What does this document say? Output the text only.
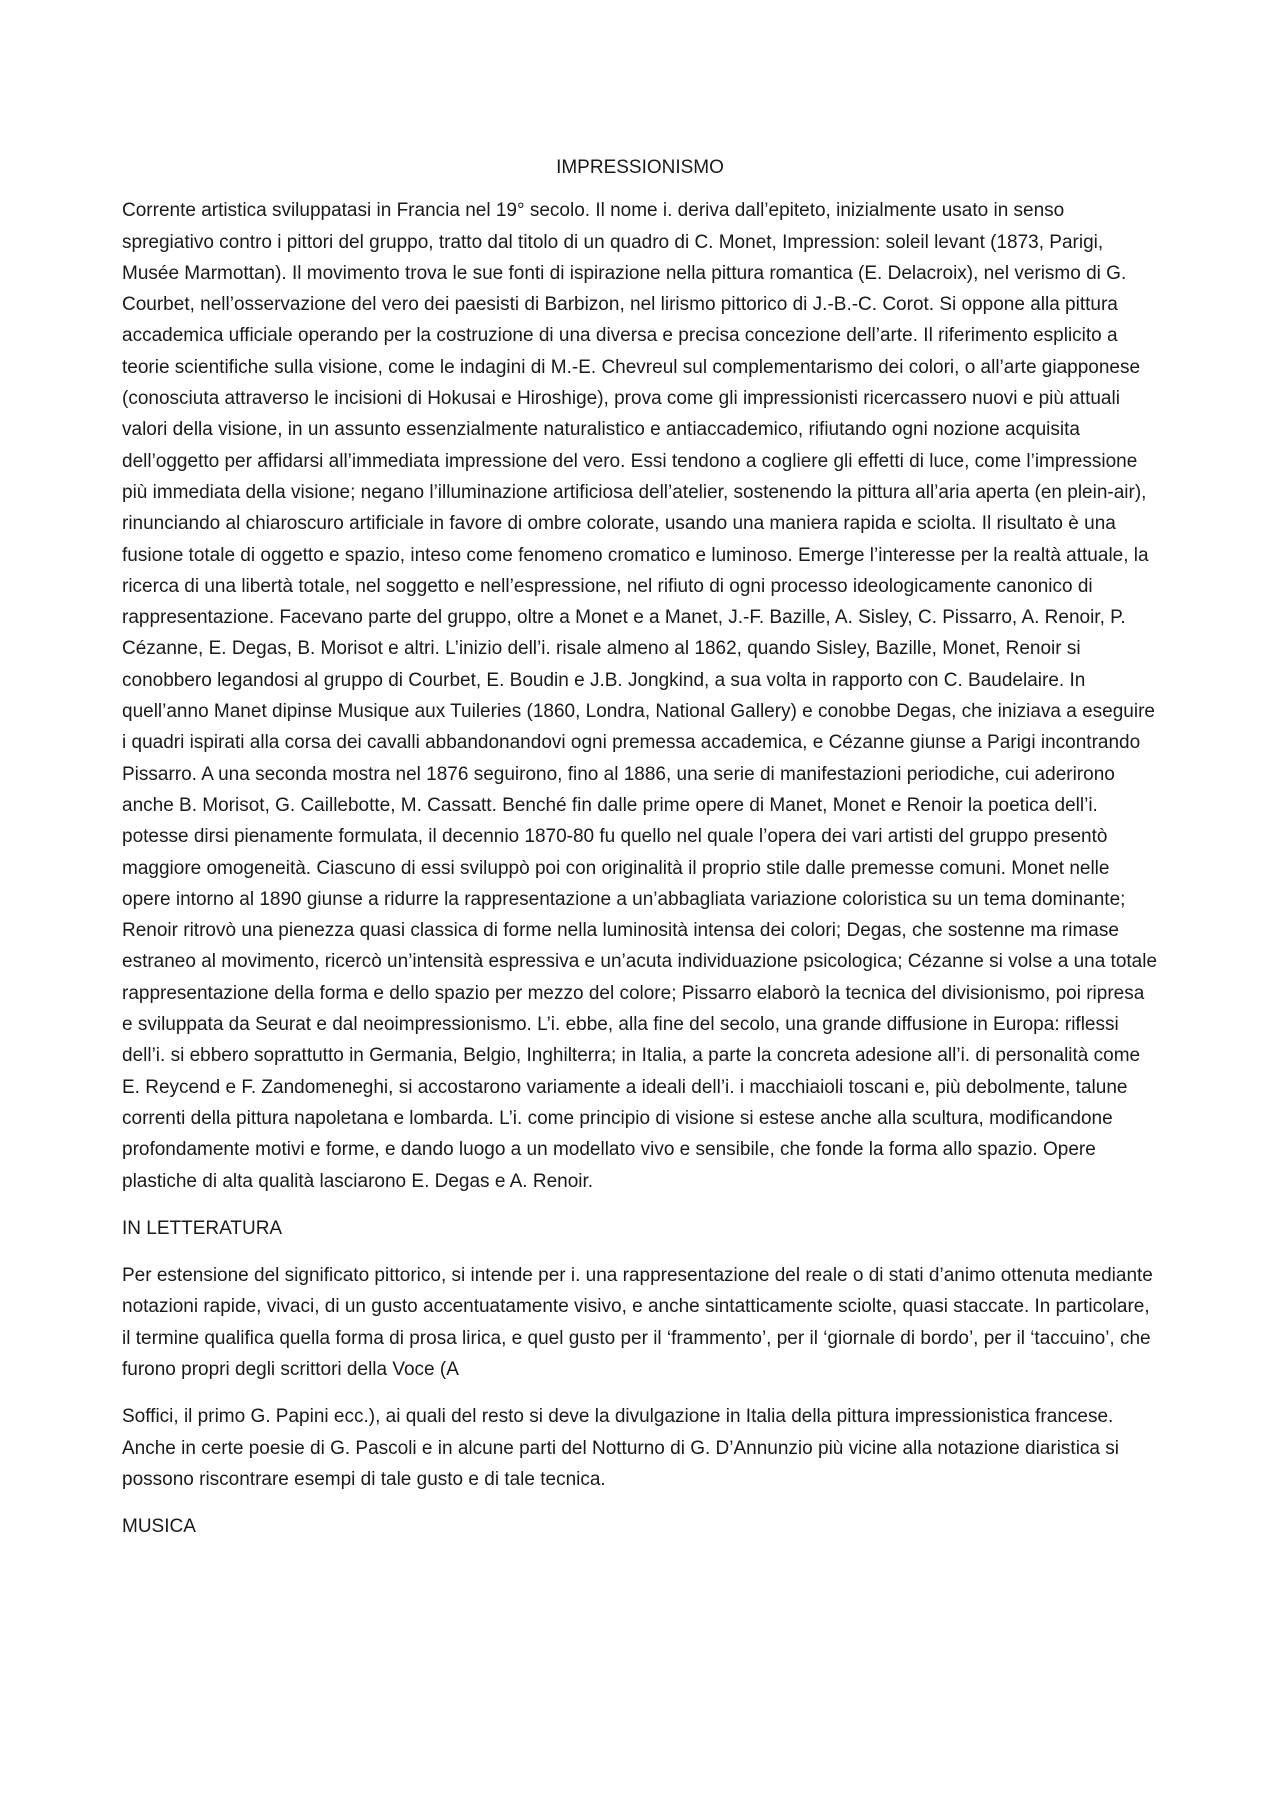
IMPRESSIONISMO

Corrente artistica sviluppatasi in Francia nel 19° secolo. Il nome i. deriva dall’epiteto, inizialmente usato in senso spregiativo contro i pittori del gruppo, tratto dal titolo di un quadro di C. Monet, Impression: soleil levant (1873, Parigi, Musée Marmottan). Il movimento trova le sue fonti di ispirazione nella pittura romantica (E. Delacroix), nel verismo di G. Courbet, nell’osservazione del vero dei paesisti di Barbizon, nel lirismo pittorico di J.-B.-C. Corot. Si oppone alla pittura accademica ufficiale operando per la costruzione di una diversa e precisa concezione dell’arte. Il riferimento esplicito a teorie scientifiche sulla visione, come le indagini di M.-E. Chevreul sul complementarismo dei colori, o all’arte giapponese (conosciuta attraverso le incisioni di Hokusai e Hiroshige), prova come gli impressionisti ricercassero nuovi e più attuali valori della visione, in un assunto essenzialmente naturalistico e antiaccademico, rifiutando ogni nozione acquisita dell’oggetto per affidarsi all’immediata impressione del vero. Essi tendono a cogliere gli effetti di luce, come l’impressione più immediata della visione; negano l’illuminazione artificiosa dell’atelier, sostenendo la pittura all’aria aperta (en plein-air), rinunciando al chiaroscuro artificiale in favore di ombre colorate, usando una maniera rapida e sciolta. Il risultato è una fusione totale di oggetto e spazio, inteso come fenomeno cromatico e luminoso. Emerge l’interesse per la realtà attuale, la ricerca di una libertà totale, nel soggetto e nell’espressione, nel rifiuto di ogni processo ideologicamente canonico di rappresentazione. Facevano parte del gruppo, oltre a Monet e a Manet, J.-F. Bazille, A. Sisley, C. Pissarro, A. Renoir, P. Cézanne, E. Degas, B. Morisot e altri. L’inizio dell’i. risale almeno al 1862, quando Sisley, Bazille, Monet, Renoir si conobbero legandosi al gruppo di Courbet, E. Boudin e J.B. Jongkind, a sua volta in rapporto con C. Baudelaire. In quell’anno Manet dipinse Musique aux Tuileries (1860, Londra, National Gallery) e conobbe Degas, che iniziava a eseguire i quadri ispirati alla corsa dei cavalli abbandonandovi ogni premessa accademica, e Cézanne giunse a Parigi incontrando Pissarro. A una seconda mostra nel 1876 seguirono, fino al 1886, una serie di manifestazioni periodiche, cui aderirono anche B. Morisot, G. Caillebotte, M. Cassatt. Benché fin dalle prime opere di Manet, Monet e Renoir la poetica dell’i. potesse dirsi pienamente formulata, il decennio 1870-80 fu quello nel quale l’opera dei vari artisti del gruppo presentò maggiore omogeneità. Ciascuno di essi sviluppò poi con originalità il proprio stile dalle premesse comuni. Monet nelle opere intorno al 1890 giunse a ridurre la rappresentazione a un’abbagliata variazione coloristica su un tema dominante; Renoir ritrovò una pienezza quasi classica di forme nella luminosità intensa dei colori; Degas, che sostenne ma rimase estraneo al movimento, ricercò un’intensità espressiva e un’acuta individuazione psicologica; Cézanne si volse a una totale rappresentazione della forma e dello spazio per mezzo del colore; Pissarro elaborò la tecnica del divisionismo, poi ripresa e sviluppata da Seurat e dal neoimpressionismo. L’i. ebbe, alla fine del secolo, una grande diffusione in Europa: riflessi dell’i. si ebbero soprattutto in Germania, Belgio, Inghilterra; in Italia, a parte la concreta adesione all’i. di personalità come E. Reycend e F. Zandomeneghi, si accostarono variamente a ideali dell’i. i macchiaioli toscani e, più debolmente, talune correnti della pittura napoletana e lombarda. L’i. come principio di visione si estese anche alla scultura, modificandone profondamente motivi e forme, e dando luogo a un modellato vivo e sensibile, che fonde la forma allo spazio. Opere plastiche di alta qualità lasciarono E. Degas e A. Renoir.

IN LETTERATURA

Per estensione del significato pittorico, si intende per i. una rappresentazione del reale o di stati d’animo ottenuta mediante notazioni rapide, vivaci, di un gusto accentuatamente visivo, e anche sintatticamente sciolte, quasi staccate. In particolare, il termine qualifica quella forma di prosa lirica, e quel gusto per il ‘frammento’, per il ‘giornale di bordo’, per il ‘taccuino’, che furono propri degli scrittori della Voce (A

Soffici, il primo G. Papini ecc.), ai quali del resto si deve la divulgazione in Italia della pittura impressionistica francese. Anche in certe poesie di G. Pascoli e in alcune parti del Notturno di G. D’Annunzio più vicine alla notazione diaristica si possono riscontrare esempi di tale gusto e di tale tecnica.

MUSICA
